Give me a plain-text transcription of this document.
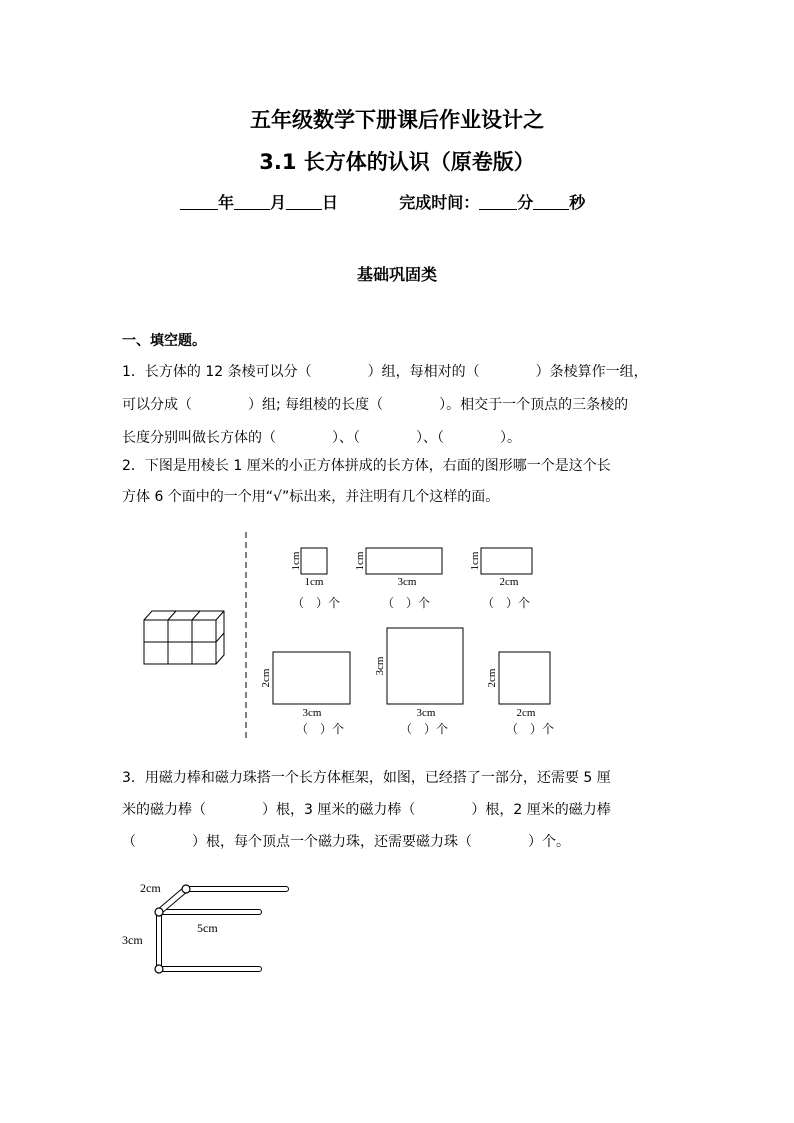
五年级数学下册课后作业设计之
3.1 长方体的认识（原卷版）
年 月 日	完成时间： 分 秒
基础巩固类
一、填空题。
1．长方体的 12 条棱可以分（　　　　）组，每相对的（　　　　）条棱算作一组，
可以分成（　　　　）组; 每组棱的长度（　　　　）。相交于一个顶点的三条棱的
长度分别叫做长方体的（　　　　）、（　　　　）、（　　　　）。
2．下图是用棱长 1 厘米的小正方体拼成的长方体，右面的图形哪一个是这个长
方体 6 个面中的一个用“√”标出来，并注明有几个这样的面。
1cm
1cm
（　）个
1cm
3cm
（　）个
1cm
2cm
（　）个
2cm
3cm
（　）个
3cm
3cm
（　）个
2cm
2cm
（　）个
3．用磁力棒和磁力珠搭一个长方体框架，如图，已经搭了一部分，还需要 5 厘
米的磁力棒（　　　　）根，3 厘米的磁力棒（　　　　）根，2 厘米的磁力棒
（　　　　）根，每个顶点一个磁力珠，还需要磁力珠（　　　　）个。
2cm
5cm
3cm
